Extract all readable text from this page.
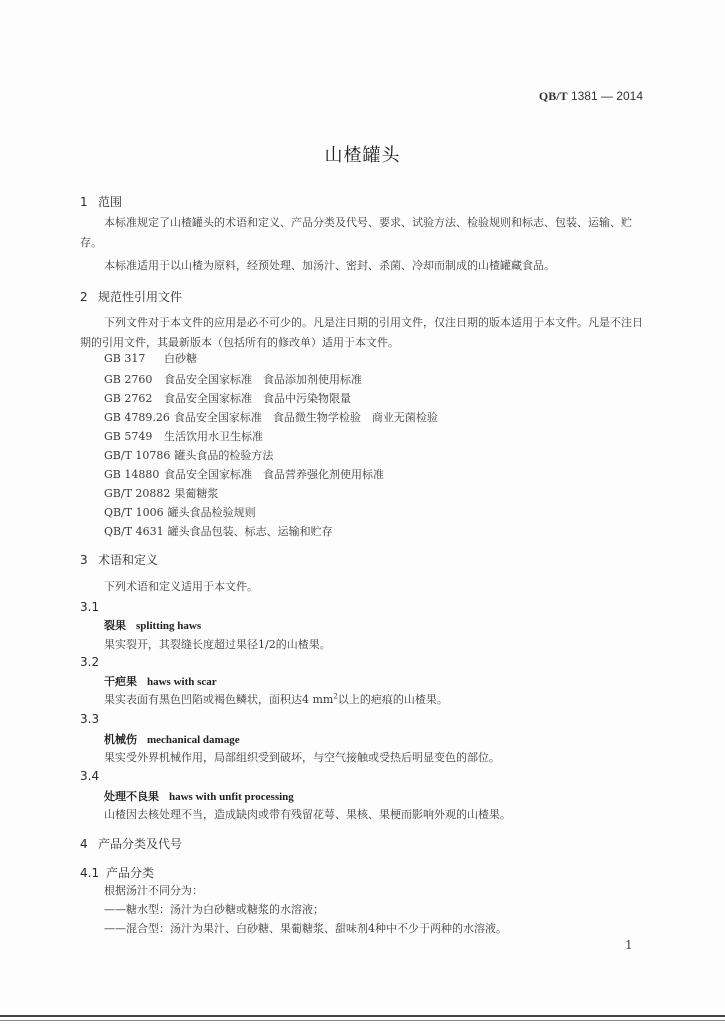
QB/T 1381 — 2014
山楂罐头
1 范围

本标准规定了山楂罐头的术语和定义、产品分类及代号、要求、试验方法、检验规则和标志、包装、运输、贮存。

本标准适用于以山楂为原料，经预处理、加汤汁、密封、杀菌、冷却而制成的山楂罐藏食品。

2 规范性引用文件

下列文件对于本文件的应用是必不可少的。凡是注日期的引用文件，仅注日期的版本适用于本文件。凡是不注日期的引用文件，其最新版本（包括所有的修改单）适用于本文件。

GB 317 白砂糖
GB 2760 食品安全国家标准　食品添加剂使用标准
GB 2762 食品安全国家标准　食品中污染物限量
GB 4789.26 食品安全国家标准　食品微生物学检验　商业无菌检验
GB 5749 生活饮用水卫生标准
GB/T 10786 罐头食品的检验方法
GB 14880 食品安全国家标准　食品营养强化剂使用标准
GB/T 20882 果葡糖浆
QB/T 1006 罐头食品检验规则
QB/T 4631 罐头食品包装、标志、运输和贮存
3 术语和定义
下列术语和定义适用于本文件。
3.1
裂果 splitting haws
果实裂开，其裂缝长度超过果径1/2的山楂果。
3.2
干疤果 haws with scar
果实表面有黑色凹陷或褐色鳞状，面积达4 $mm^2$以上的疤痕的山楂果。
3.3
机械伤 mechanical damage
果实受外界机械作用，局部组织受到破坏，与空气接触或受热后明显变色的部位。
3.4
处理不良果 haws with unfit processing
山楂因去核处理不当，造成缺肉或带有残留花萼、果核、果梗而影响外观的山楂果。
4 产品分类及代号
4.1 产品分类
根据汤汁不同分为：
——糖水型：汤汁为白砂糖或糖浆的水溶液；
——混合型：汤汁为果汁、白砂糖、果葡糖浆、甜味剂4种中不少于两种的水溶液。
1
